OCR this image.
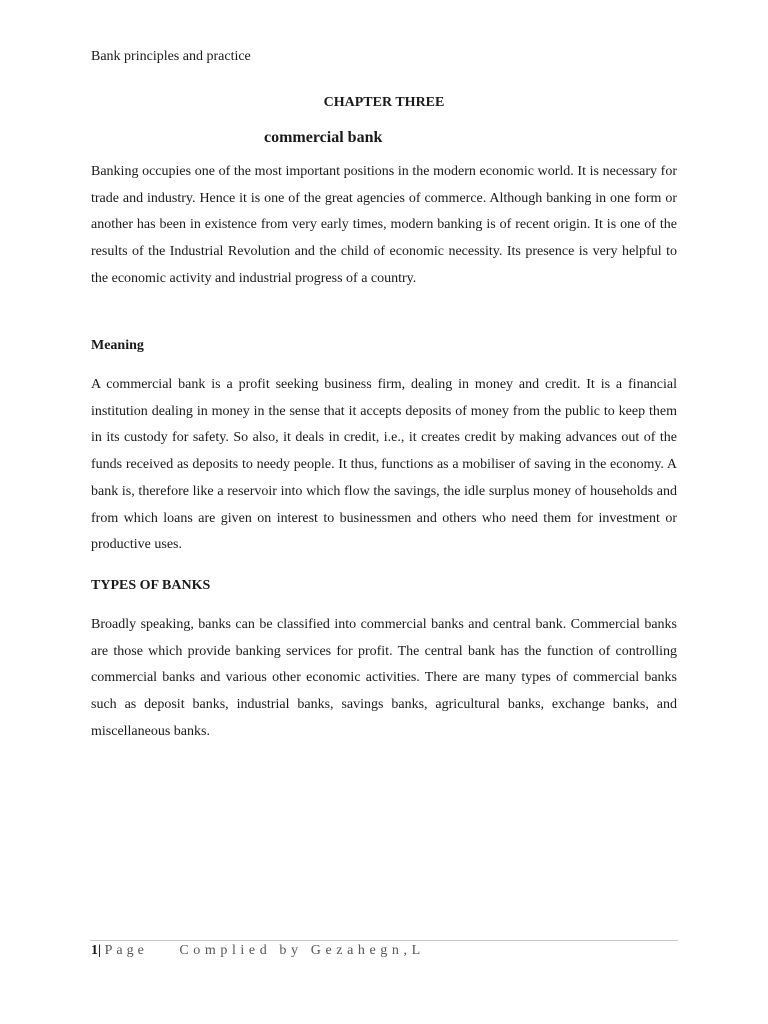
Bank principles and practice
CHAPTER THREE
commercial bank

Banking occupies one of the most important positions in the modern economic world. It is necessary for trade and industry. Hence it is one of the great agencies of commerce. Although banking in one form or another has been in existence from very early times, modern banking is of recent origin. It is one of the results of the Industrial Revolution and the child of economic necessity. Its presence is very helpful to the economic activity and industrial progress of a country.

Meaning

A commercial bank is a profit seeking business firm, dealing in money and credit. It is a financial institution dealing in money in the sense that it accepts deposits of money from the public to keep them in its custody for safety. So also, it deals in credit, i.e., it creates credit by making advances out of the funds received as deposits to needy people. It thus, functions as a mobiliser of saving in the economy. A bank is, therefore like a reservoir into which flow the savings, the idle surplus money of households and from which loans are given on interest to businessmen and others who need them for investment or productive uses.

TYPES OF BANKS

Broadly speaking, banks can be classified into commercial banks and central bank. Commercial banks are those which provide banking services for profit. The central bank has the function of controlling commercial banks and various other economic activities. There are many types of commercial banks such as deposit banks, industrial banks, savings banks, agricultural banks, exchange banks, and miscellaneous banks.

1| Page Complied by Gezahegn,L
